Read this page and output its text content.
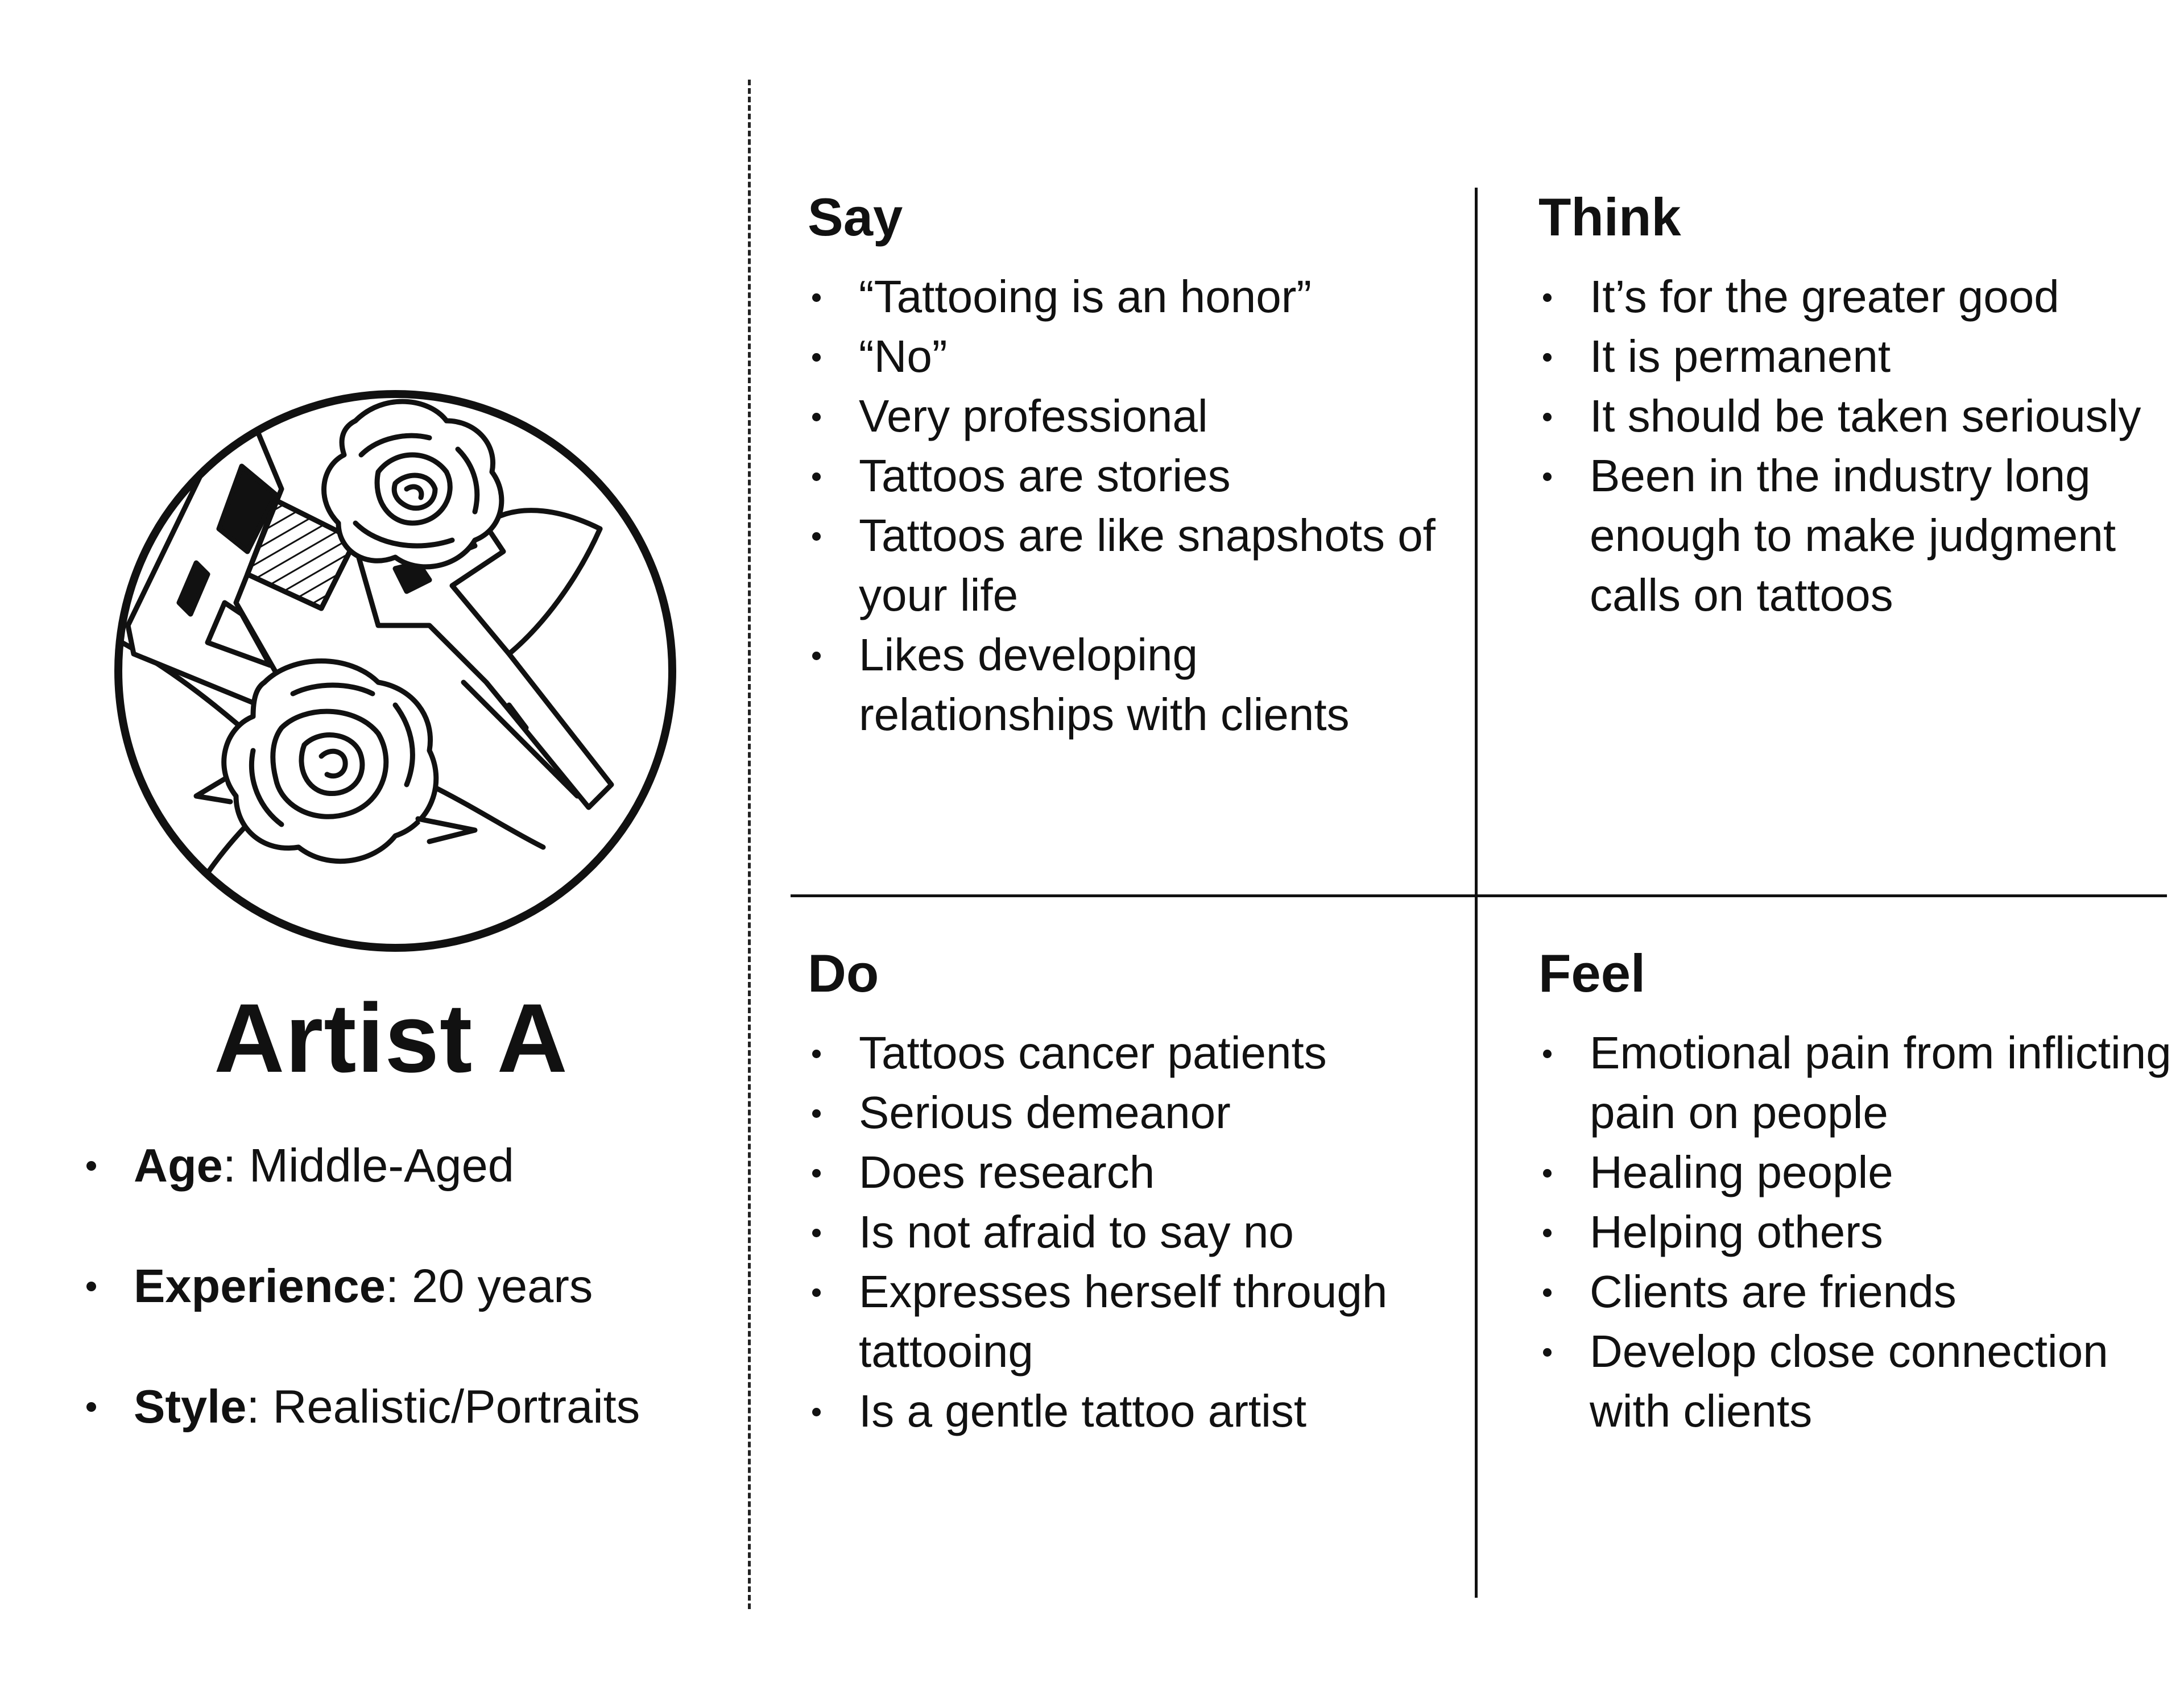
Artist A
Age: Middle-Aged
Experience: 20 years
Style: Realistic/Portraits
Say
“Tattooing is an honor”
“No”
Very professional
Tattoos are stories
Tattoos are like snapshots of your life
Likes developing relationships with clients
Think
It’s for the greater good
It is permanent
It should be taken seriously
Been in the industry long enough to make judgment calls on tattoos
Do
Tattoos cancer patients
Serious demeanor
Does research
Is not afraid to say no
Expresses herself through tattooing
Is a gentle tattoo artist
Feel
Emotional pain from inflicting pain on people
Healing people
Helping others
Clients are friends
Develop close connection with clients
